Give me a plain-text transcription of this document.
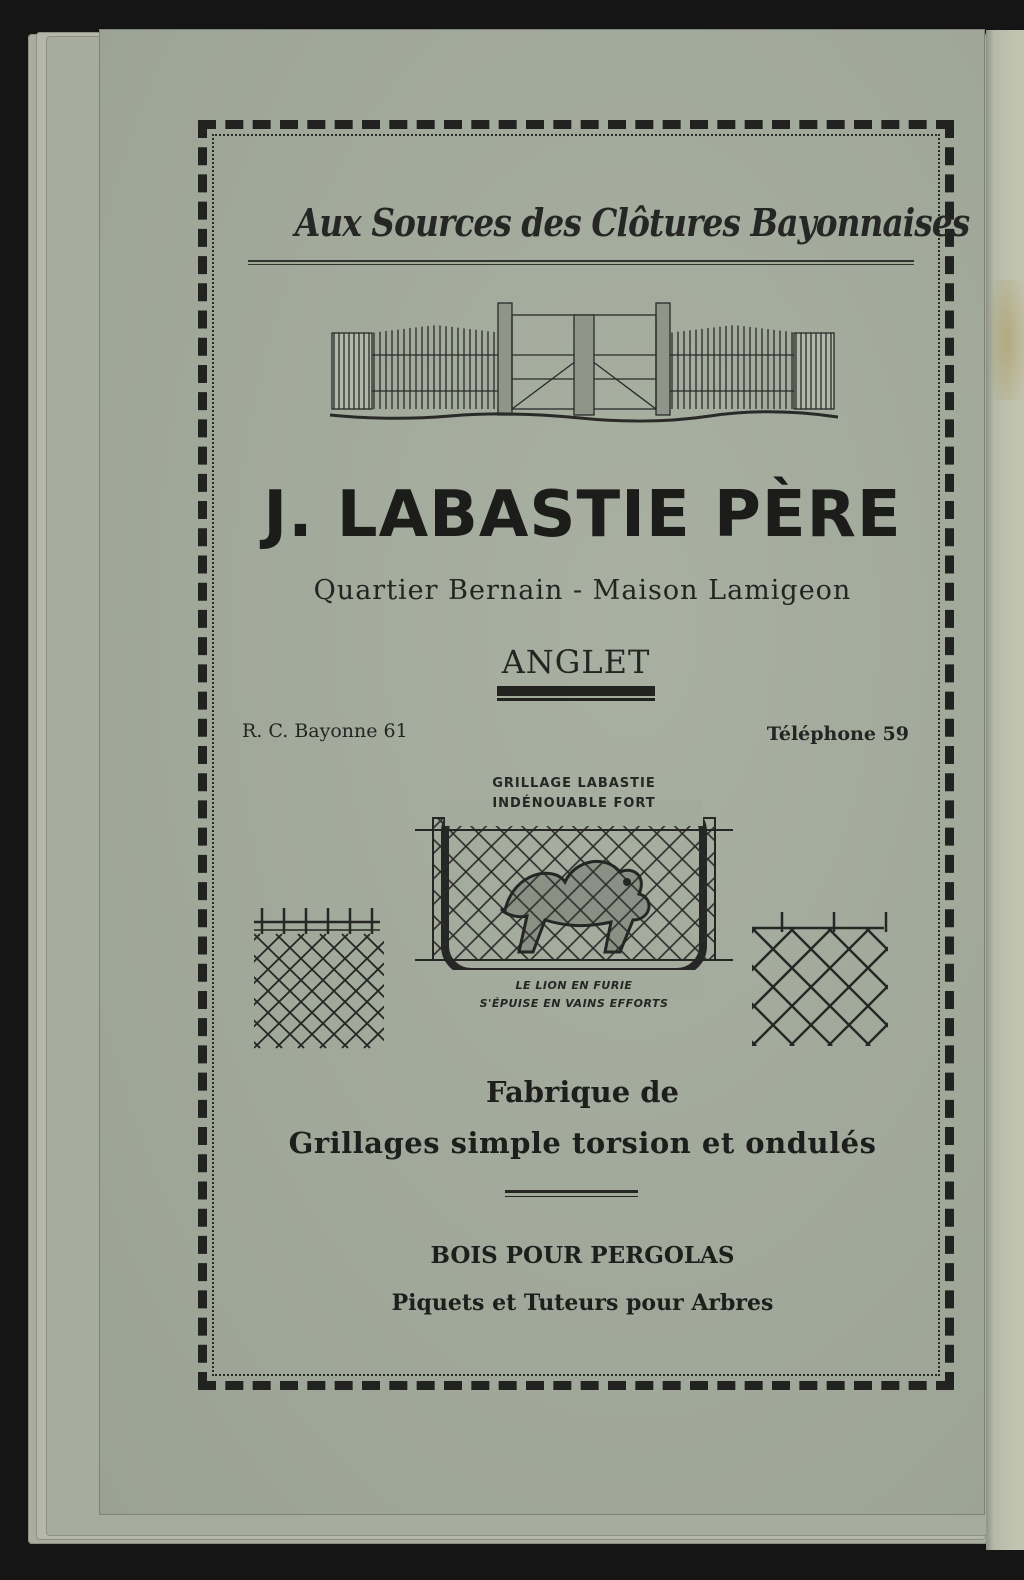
Aux Sources des Clôtures Bayonnaises
J. LABASTIE PÈRE
Quartier Bernain - Maison Lamigeon
ANGLET
R. C. Bayonne 61	Téléphone 59
GRILLAGE LABASTIE
INDÉNOUABLE FORT
LE LION EN FURIE
S'ÉPUISE EN VAINS EFFORTS
Fabrique de
Grillages simple torsion et ondulés
BOIS POUR PERGOLAS
Piquets et Tuteurs pour Arbres
